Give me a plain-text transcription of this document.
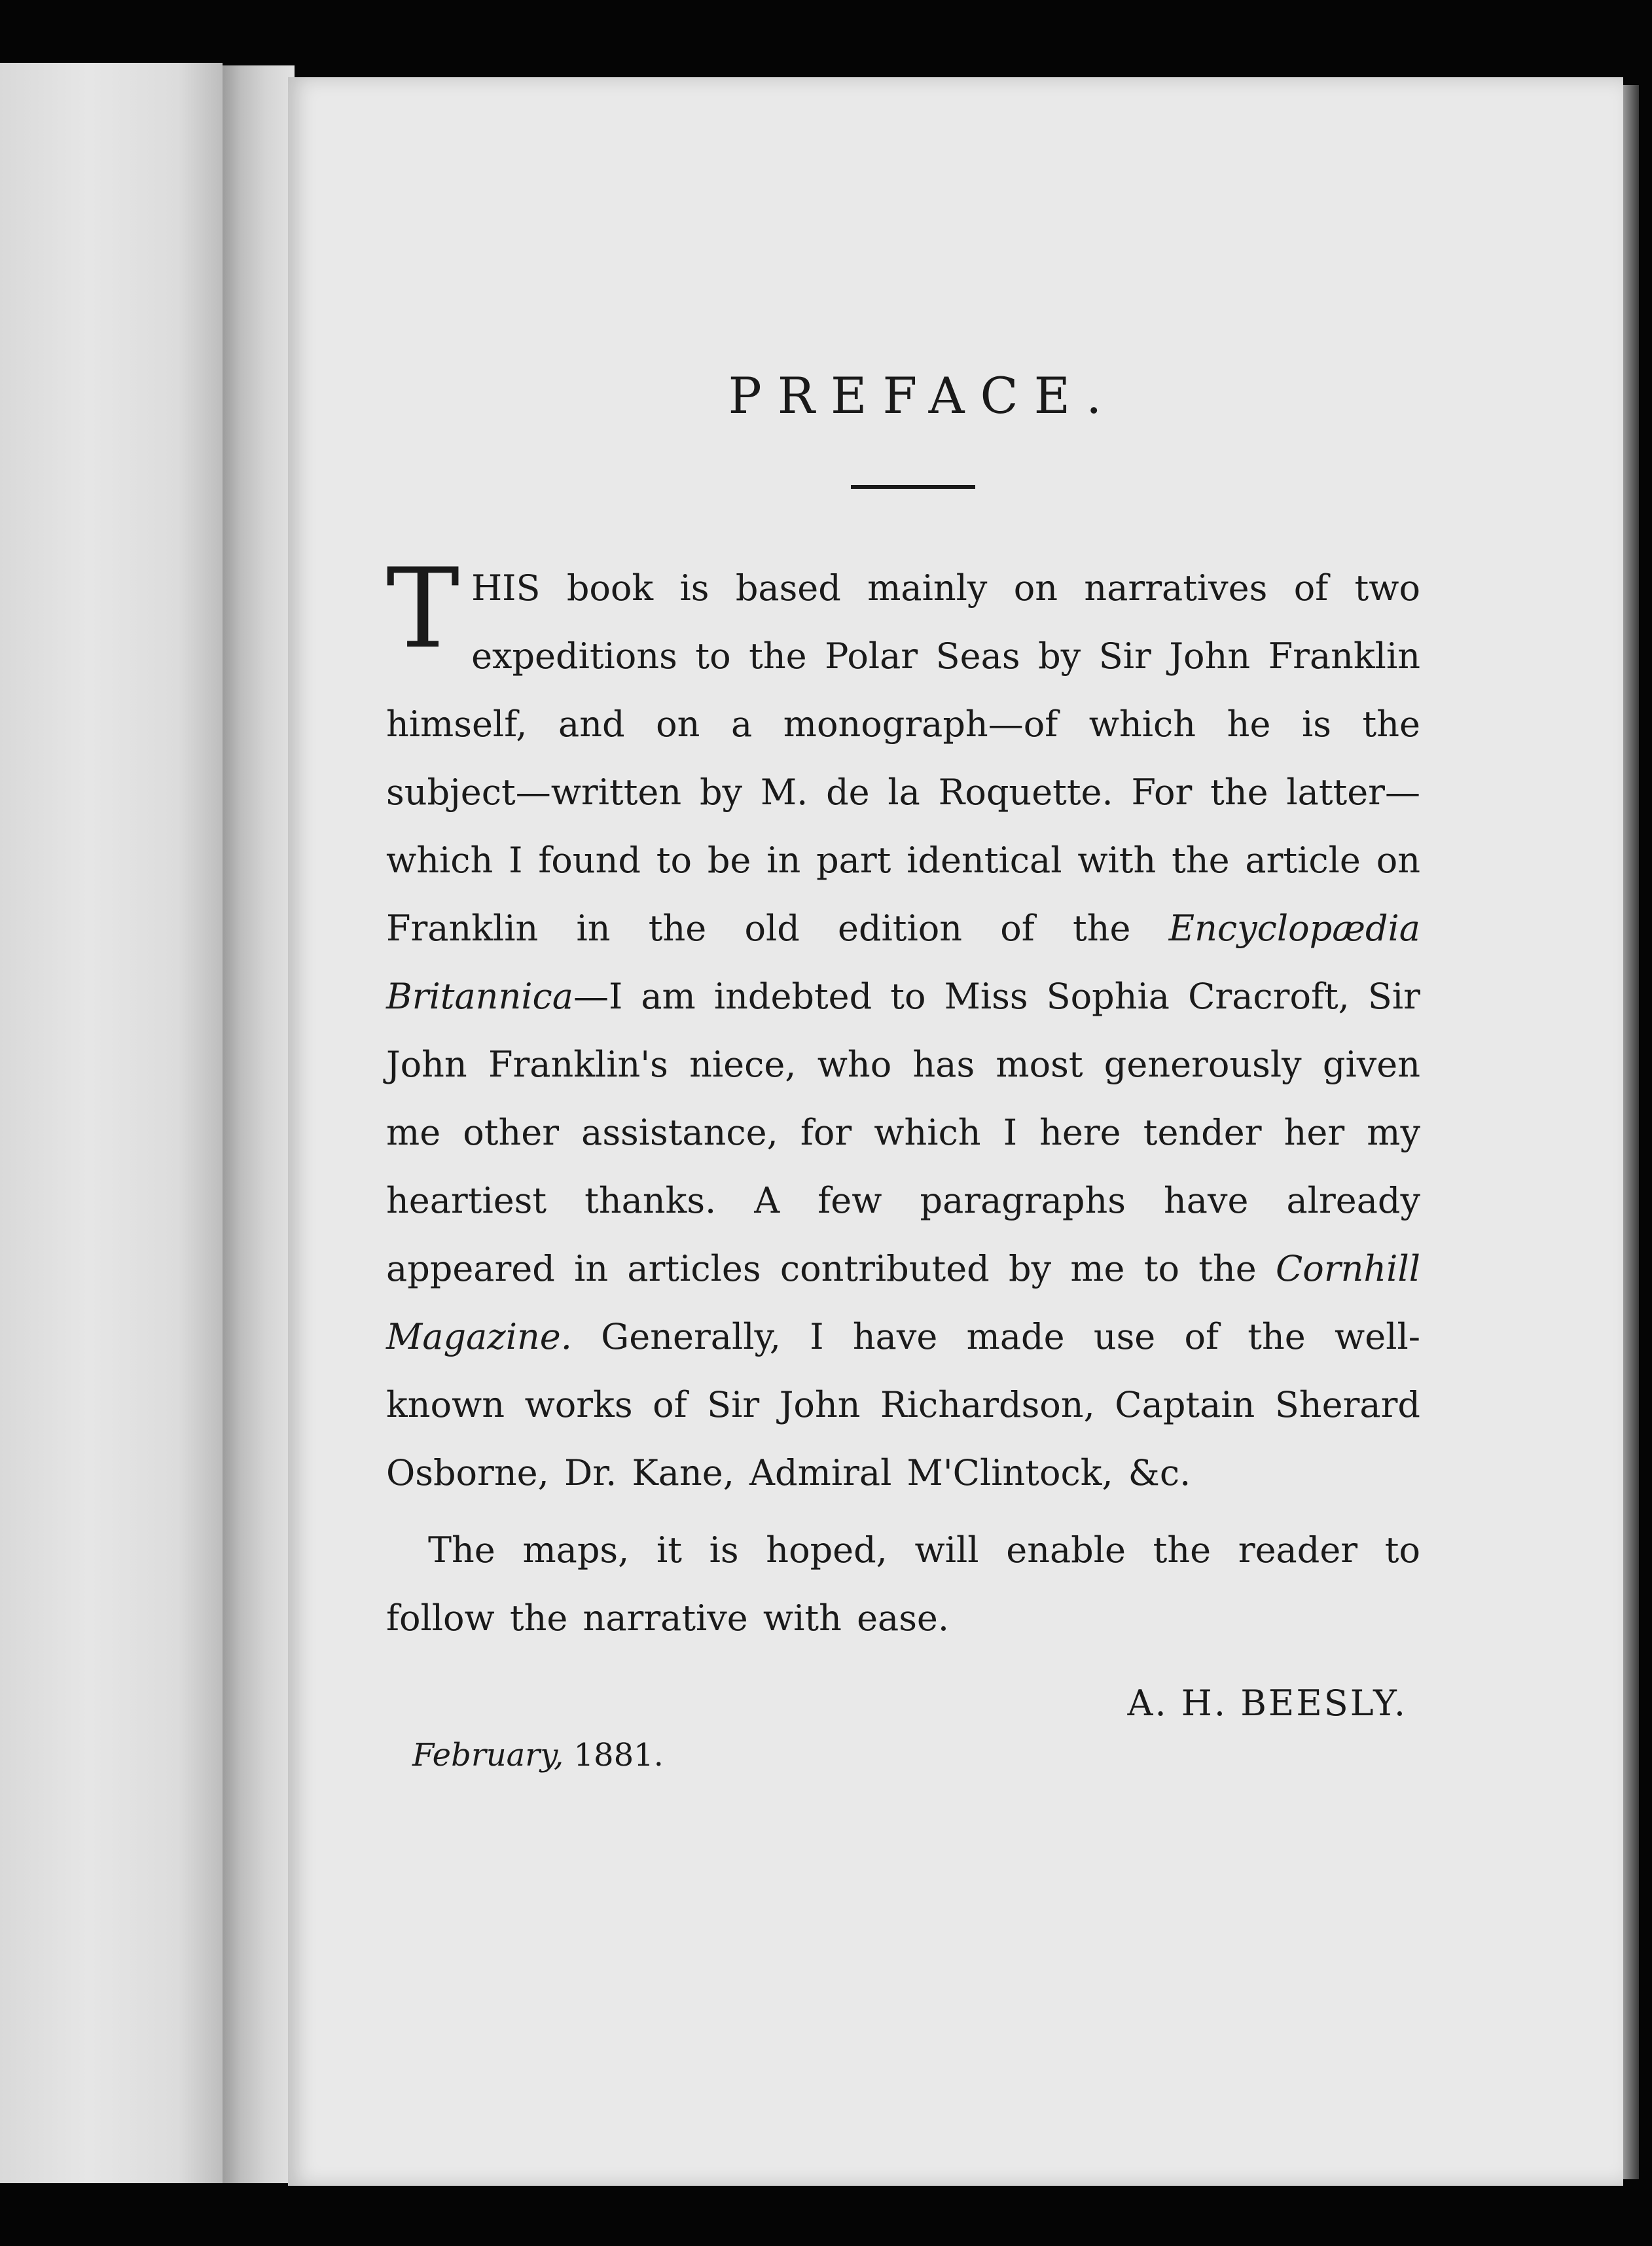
PREFACE.

THIS book is based mainly on narratives of two expeditions to the Polar Seas by Sir John Franklin himself, and on a monograph—of which he is the subject—written by M. de la Roquette. For the latter—which I found to be in part identical with the article on Franklin in the old edition of the Encyclopædia Britannica—I am indebted to Miss Sophia Cracroft, Sir John Franklin's niece, who has most generously given me other assistance, for which I here tender her my heartiest thanks. A few paragraphs have already appeared in articles contributed by me to the Cornhill Magazine. Generally, I have made use of the well-known works of Sir John Richardson, Captain Sherard Osborne, Dr. Kane, Admiral M'Clintock, &c.

The maps, it is hoped, will enable the reader to follow the narrative with ease.

A. H. BEESLY.
February, 1881.
